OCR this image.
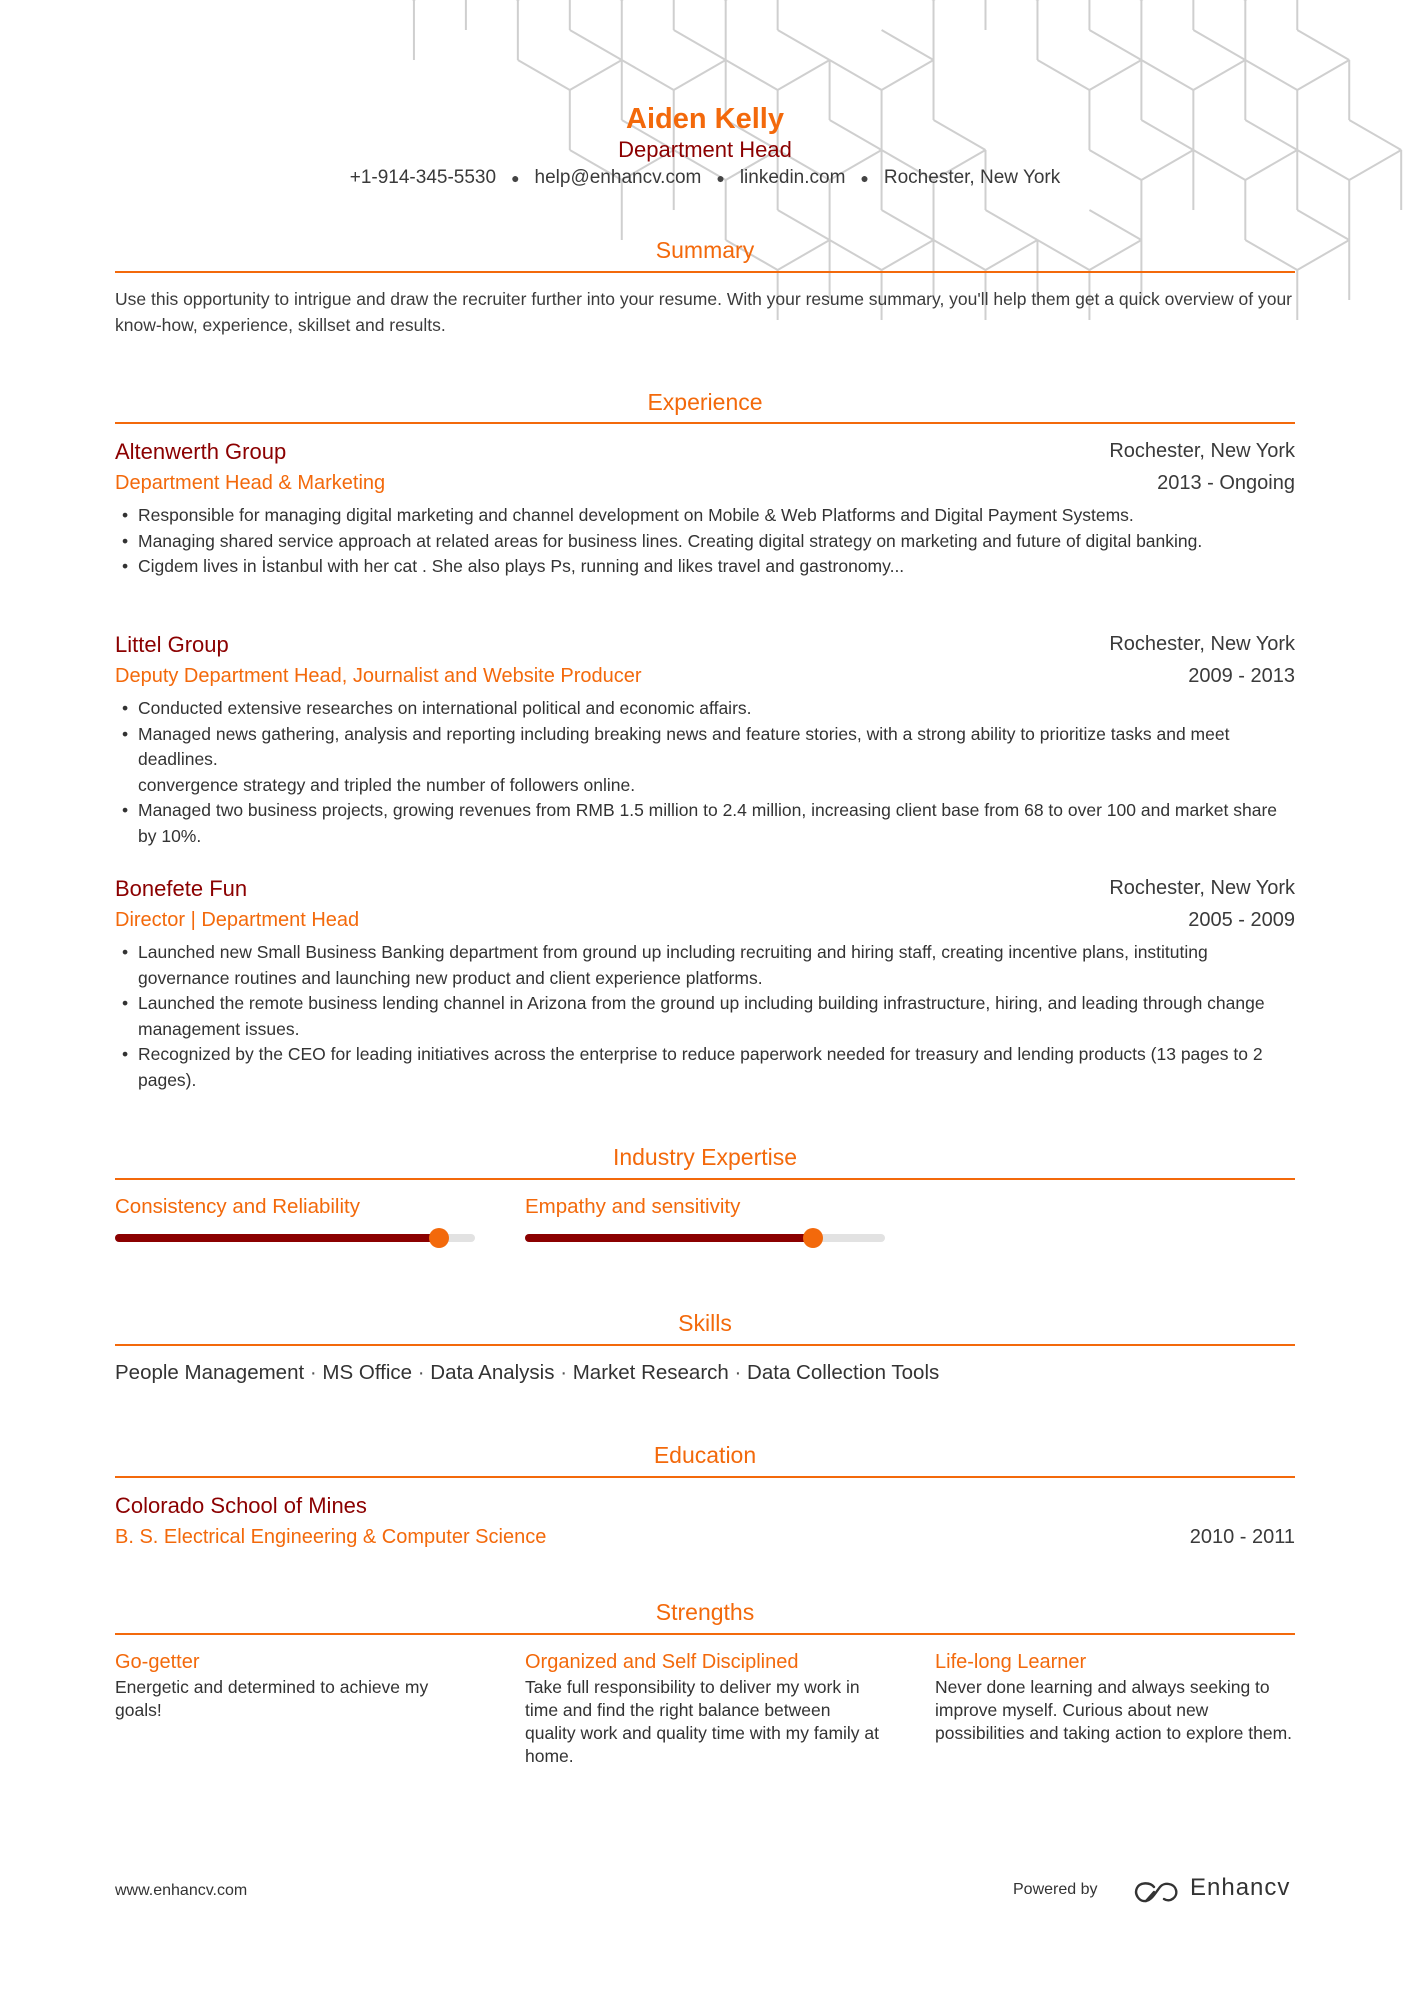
Aiden Kelly
Department Head
+1-914-345-5530 ● help@enhancv.com ● linkedin.com ● Rochester, New York
Summary
Use this opportunity to intrigue and draw the recruiter further into your resume. With your resume summary, you'll help them get a quick overview of your know-how, experience, skillset and results.
Experience
Altenwerth Group	Rochester, New York
Department Head & Marketing	2013 - Ongoing
• Responsible for managing digital marketing and channel development on Mobile & Web Platforms and Digital Payment Systems.
• Managing shared service approach at related areas for business lines. Creating digital strategy on marketing and future of digital banking.
• Cigdem lives in İstanbul with her cat . She also plays Ps, running and likes travel and gastronomy...
Littel Group	Rochester, New York
Deputy Department Head, Journalist and Website Producer	2009 - 2013
• Conducted extensive researches on international political and economic affairs.
• Managed news gathering, analysis and reporting including breaking news and feature stories, with a strong ability to prioritize tasks and meet deadlines.
convergence strategy and tripled the number of followers online.
• Managed two business projects, growing revenues from RMB 1.5 million to 2.4 million, increasing client base from 68 to over 100 and market share by 10%.
Bonefete Fun	Rochester, New York
Director | Department Head	2005 - 2009
• Launched new Small Business Banking department from ground up including recruiting and hiring staff, creating incentive plans, instituting governance routines and launching new product and client experience platforms.
• Launched the remote business lending channel in Arizona from the ground up including building infrastructure, hiring, and leading through change management issues.
• Recognized by the CEO for leading initiatives across the enterprise to reduce paperwork needed for treasury and lending products (13 pages to 2 pages).
Industry Expertise
Consistency and Reliability	Empathy and sensitivity
Skills
People Management · MS Office · Data Analysis · Market Research · Data Collection Tools
Education
Colorado School of Mines
B. S. Electrical Engineering & Computer Science	2010 - 2011
Strengths
Go-getter
Energetic and determined to achieve my goals!
Organized and Self Disciplined
Take full responsibility to deliver my work in time and find the right balance between quality work and quality time with my family at home.
Life-long Learner
Never done learning and always seeking to improve myself. Curious about new possibilities and taking action to explore them.
www.enhancv.com	Powered by	Enhancv
